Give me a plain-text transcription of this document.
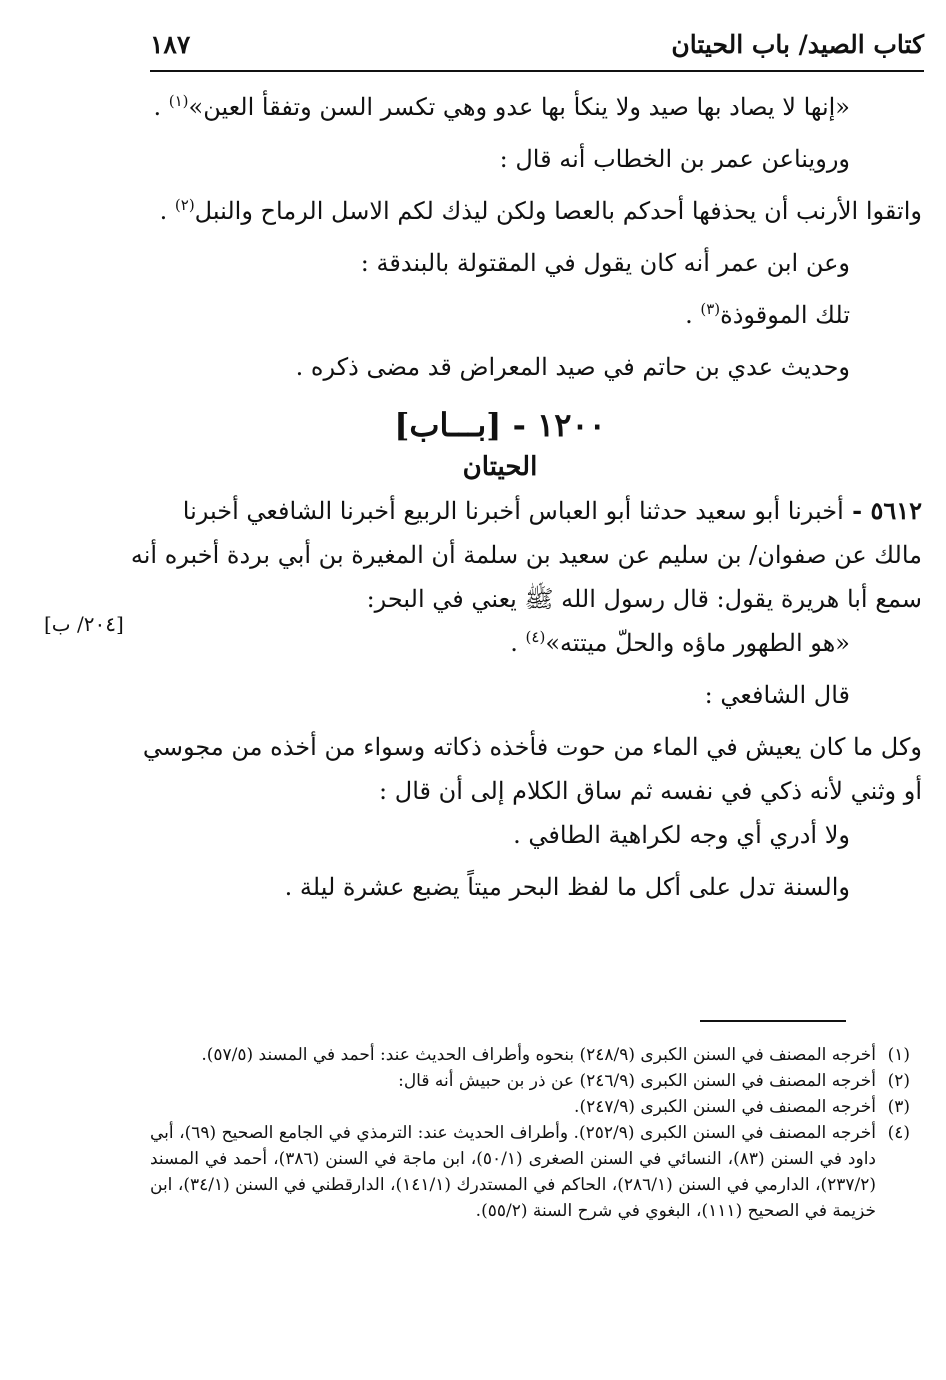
كتاب الصيد/ باب الحيتان
١٨٧

«إنها لا يصاد بها صيد ولا ينكأ بها عدو وهي تكسر السن وتفقأ العين»$^{(١)}$ .

ورويناعن عمر بن الخطاب أنه قال :

واتقوا الأرنب أن يحذفها أحدكم بالعصا ولكن ليذك لكم الاسل الرماح والنبل$^{(٢)}$ .

وعن ابن عمر أنه كان يقول في المقتولة بالبندقة :

تلك الموقوذة$^{(٣)}$ .

وحديث عدي بن حاتم في صيد المعراض قد مضى ذكره .

١٢٠٠ - [بـــاب]
الحيتان

٥٦١٢ - أخبرنا أبو سعيد حدثنا أبو العباس أخبرنا الربيع أخبرنا الشافعي أخبرنا

مالك عن صفوان/ بن سليم عن سعيد بن سلمة أن المغيرة بن أبي بردة أخبره أنه

سمع أبا هريرة يقول: قال رسول الله ﷺ يعني في البحر:

«هو الطهور ماؤه والحلّ ميتته»$^{(٤)}$ .

قال الشافعي :

وكل ما كان يعيش في الماء من حوت فأخذه ذكاته وسواء من أخذه من مجوسي

أو وثني لأنه ذكي في نفسه ثم ساق الكلام إلى أن قال :

ولا أدري أي وجه لكراهية الطافي .

والسنة تدل على أكل ما لفظ البحر ميتاً يضبع عشرة ليلة .

[٢٠٤/ ب]
(١)
أخرجه المصنف في السنن الكبرى (٢٤٨/٩) بنحوه وأطراف الحديث عند: أحمد في المسند (٥٧/٥).
(٢)
أخرجه المصنف في السنن الكبرى (٢٤٦/٩) عن ذر بن حبيش أنه قال:
(٣)
أخرجه المصنف في السنن الكبرى (٢٤٧/٩).
(٤)
أخرجه المصنف في السنن الكبرى (٢٥٢/٩). وأطراف الحديث عند: الترمذي في الجامع الصحيح (٦٩)، أبي داود في السنن (٨٣)، النسائي في السنن الصغرى (٥٠/١)، ابن ماجة في السنن (٣٨٦)، أحمد في المسند (٢٣٧/٢)، الدارمي في السنن (٢٨٦/١)، الحاكم في المستدرك (١٤١/١)، الدارقطني في السنن (٣٤/١)، ابن خزيمة في الصحيح (١١١)، البغوي في شرح السنة (٥٥/٢).
